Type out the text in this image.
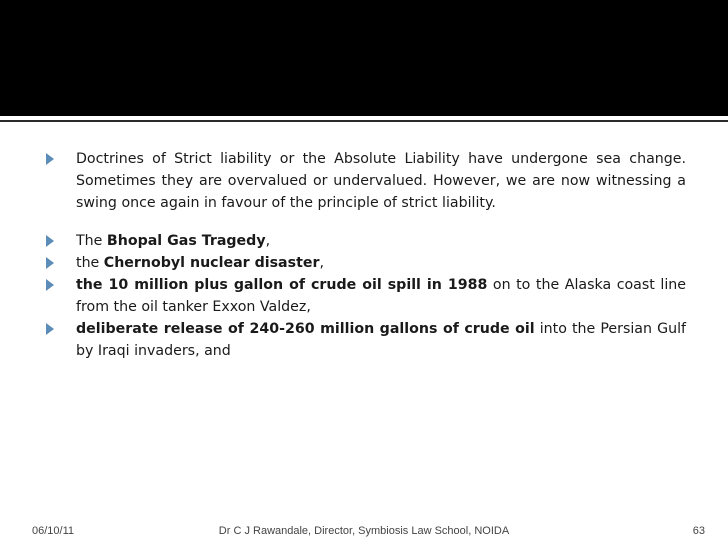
Doctrines of Strict liability or the Absolute Liability have undergone sea change. Sometimes they are overvalued or undervalued. However, we are now witnessing a swing once again in favour of the principle of strict liability.
The Bhopal Gas Tragedy,
the Chernobyl nuclear disaster,
the 10 million plus gallon of crude oil spill in 1988 on to the Alaska coast line from the oil tanker Exxon Valdez,
deliberate release of 240-260 million gallons of crude oil into the Persian Gulf by Iraqi invaders, and
06/10/11	Dr C J Rawandale, Director, Symbiosis Law School, NOIDA	63
